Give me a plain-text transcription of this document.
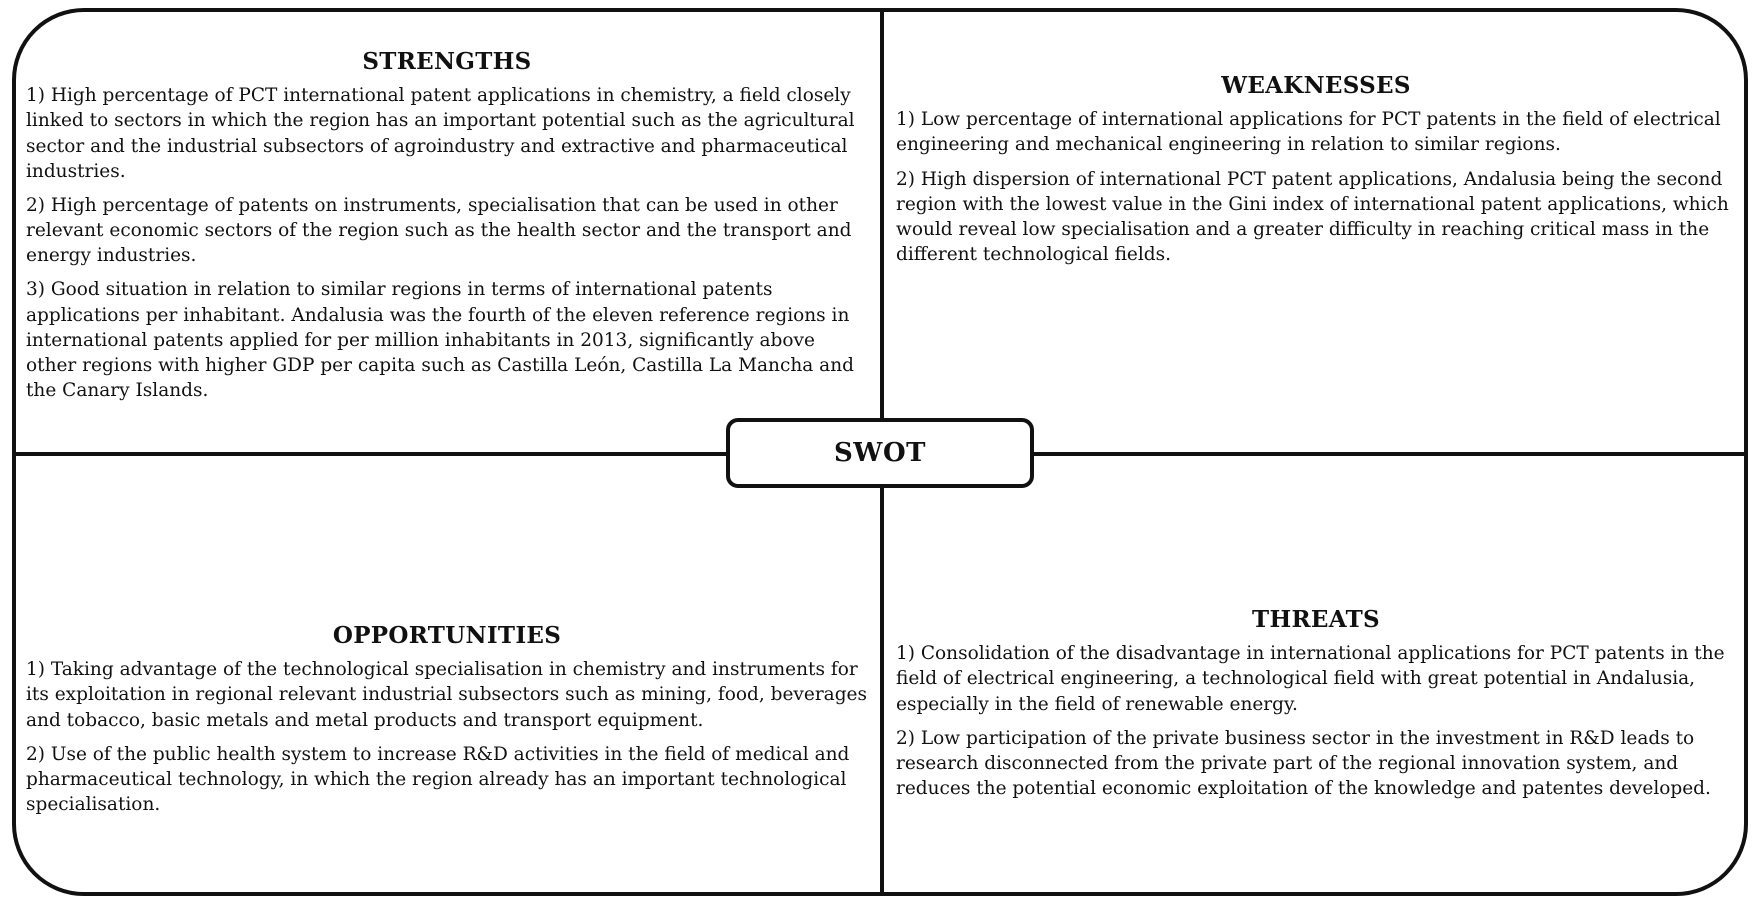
STRENGTHS

1) High percentage of PCT international patent applications in chemistry, a field closely linked to sectors in which the region has an important potential such as the agricultural sector and the industrial subsectors of agroindustry and extractive and pharmaceutical industries.

2) High percentage of patents on instruments, specialisation that can be used in other relevant economic sectors of the region such as the health sector and the transport and energy industries.

3) Good situation in relation to similar regions in terms of international patents applications per inhabitant. Andalusia was the fourth of the eleven reference regions in international patents applied for per million inhabitants in 2013, significantly above other regions with higher GDP per capita such as Castilla León, Castilla La Mancha and the Canary Islands.

WEAKNESSES

1) Low percentage of international applications for PCT patents in the field of electrical engineering and mechanical engineering in relation to similar regions.

2) High dispersion of international PCT patent applications, Andalusia being the second region with the lowest value in the Gini index of international patent applications, which would reveal low specialisation and a greater difficulty in reaching critical mass in the different technological fields.

OPPORTUNITIES

1) Taking advantage of the technological specialisation in chemistry and instruments for its exploitation in regional relevant industrial subsectors such as mining, food, beverages and tobacco, basic metals and metal products and transport equipment.

2) Use of the public health system to increase R&D activities in the field of medical and pharmaceutical technology, in which the region already has an important technological specialisation.

THREATS

1) Consolidation of the disadvantage in international applications for PCT patents in the field of electrical engineering, a technological field with great potential in Andalusia, especially in the field of renewable energy.

2) Low participation of the private business sector in the investment in R&D leads to research disconnected from the private part of the regional innovation system, and reduces the potential economic exploitation of the knowledge and patentes developed.

SWOT
